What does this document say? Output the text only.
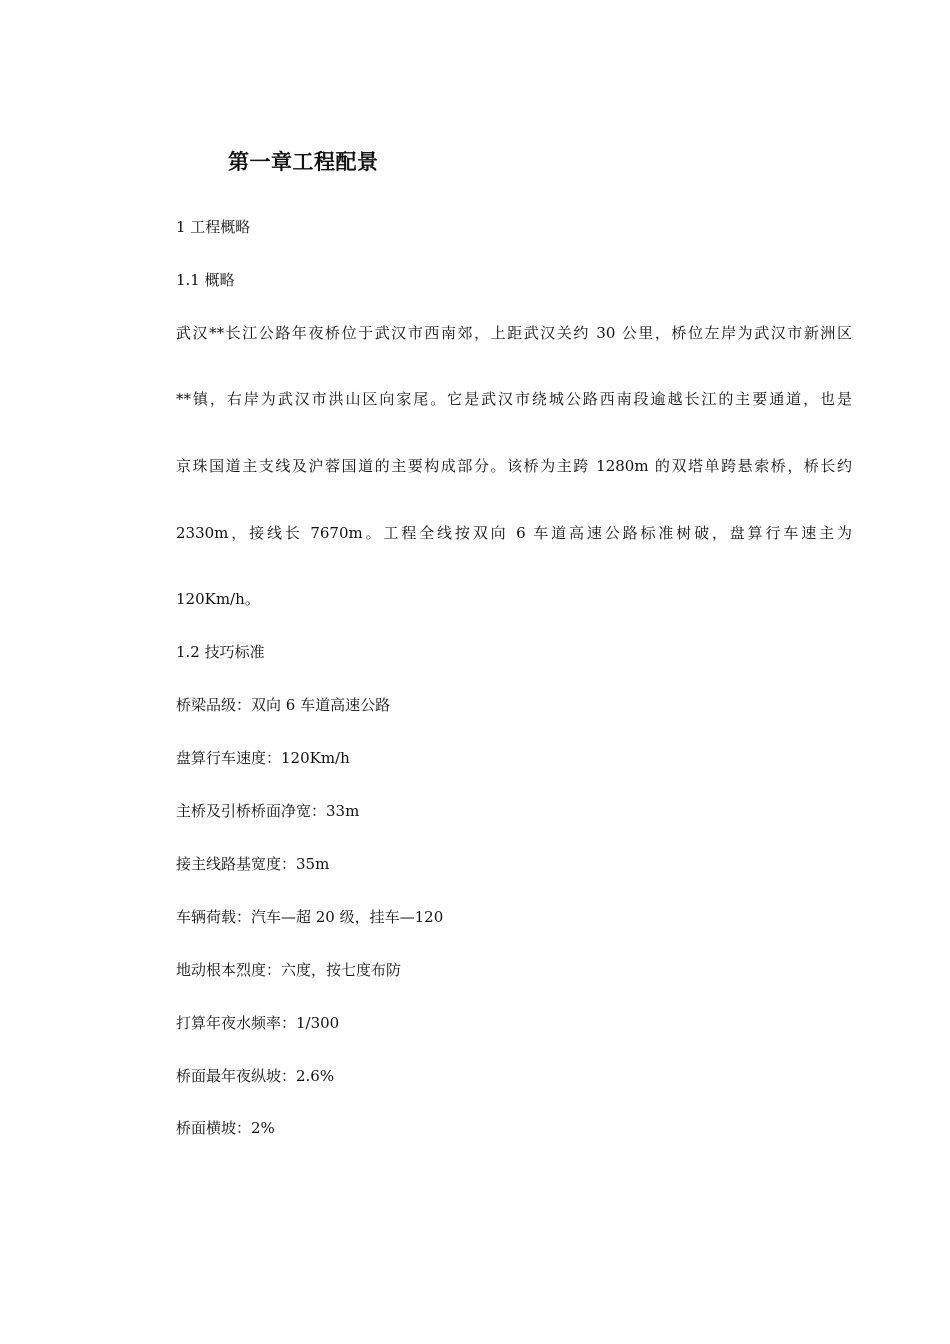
第一章工程配景
1 工程概略
1.1 概略
武汉**长江公路年夜桥位于武汉市西南郊，上距武汉关约 30 公里，桥位左岸为武汉市新洲区
**镇，右岸为武汉市洪山区向家尾。它是武汉市绕城公路西南段逾越长江的主要通道，也是
京珠国道主支线及沪蓉国道的主要构成部分。该桥为主跨 1280m 的双塔单跨悬索桥，桥长约
2330m，接线长 7670m。工程全线按双向 6 车道高速公路标准树破，盘算行车速主为
120Km/h。
1.2 技巧标准
桥梁品级：双向 6 车道高速公路
盘算行车速度：120Km/h
主桥及引桥桥面净宽：33m
接主线路基宽度：35m
车辆荷载：汽车—超 20 级，挂车—120
地动根本烈度：六度，按七度布防
打算年夜水频率：1/300
桥面最年夜纵坡：2.6%
桥面横坡：2%
